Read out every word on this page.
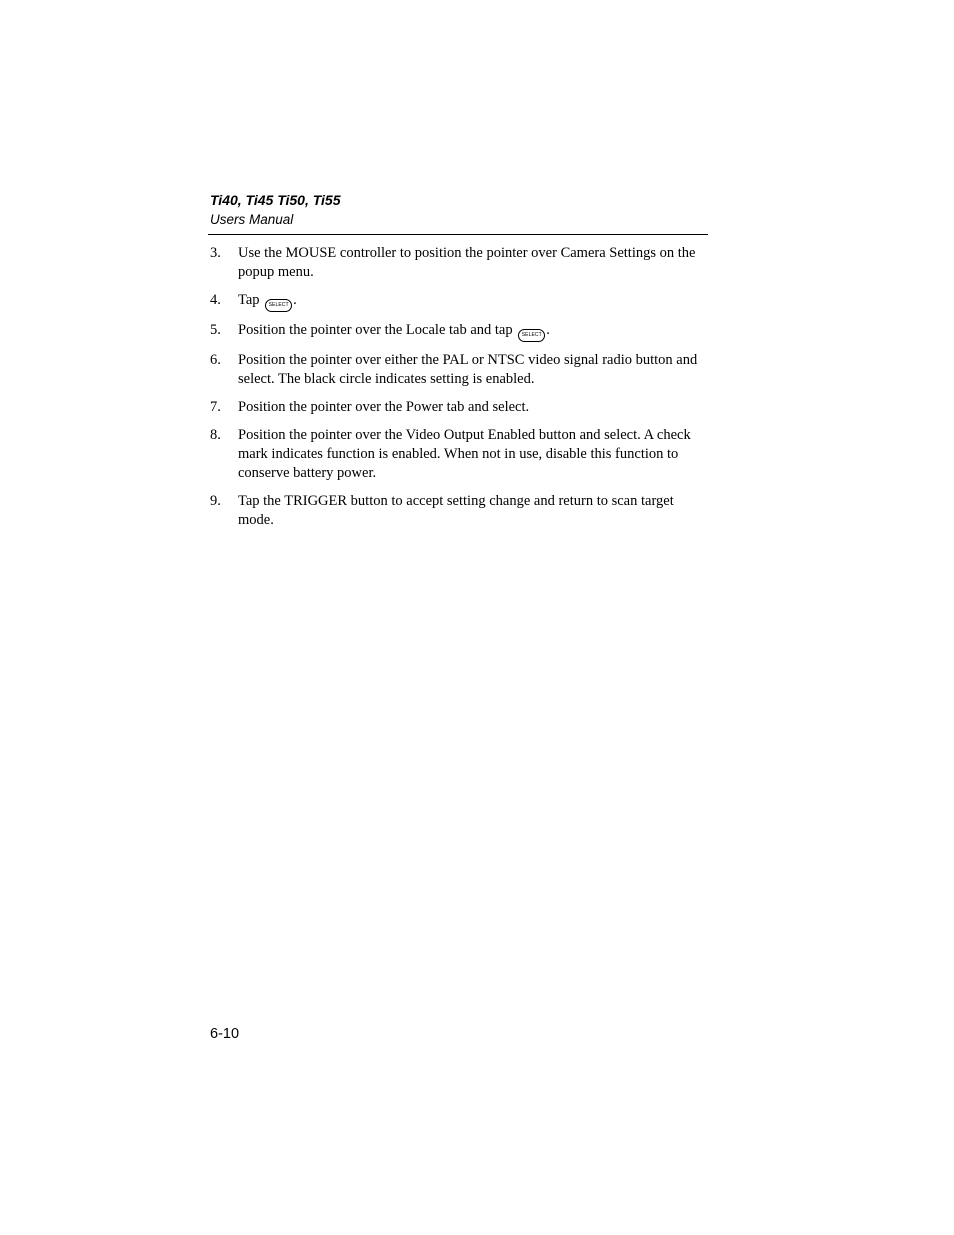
Ti40, Ti45 Ti50, Ti55
Users Manual
3. Use the MOUSE controller to position the pointer over Camera Settings on the popup menu.
4. Tap SELECT .
5. Position the pointer over the Locale tab and tap SELECT .
6. Position the pointer over either the PAL or NTSC video signal radio button and select. The black circle indicates setting is enabled.
7. Position the pointer over the Power tab and select.
8. Position the pointer over the Video Output Enabled button and select. A check mark indicates function is enabled. When not in use, disable this function to conserve battery power.
9. Tap the TRIGGER button to accept setting change and return to scan target mode.
6-10
